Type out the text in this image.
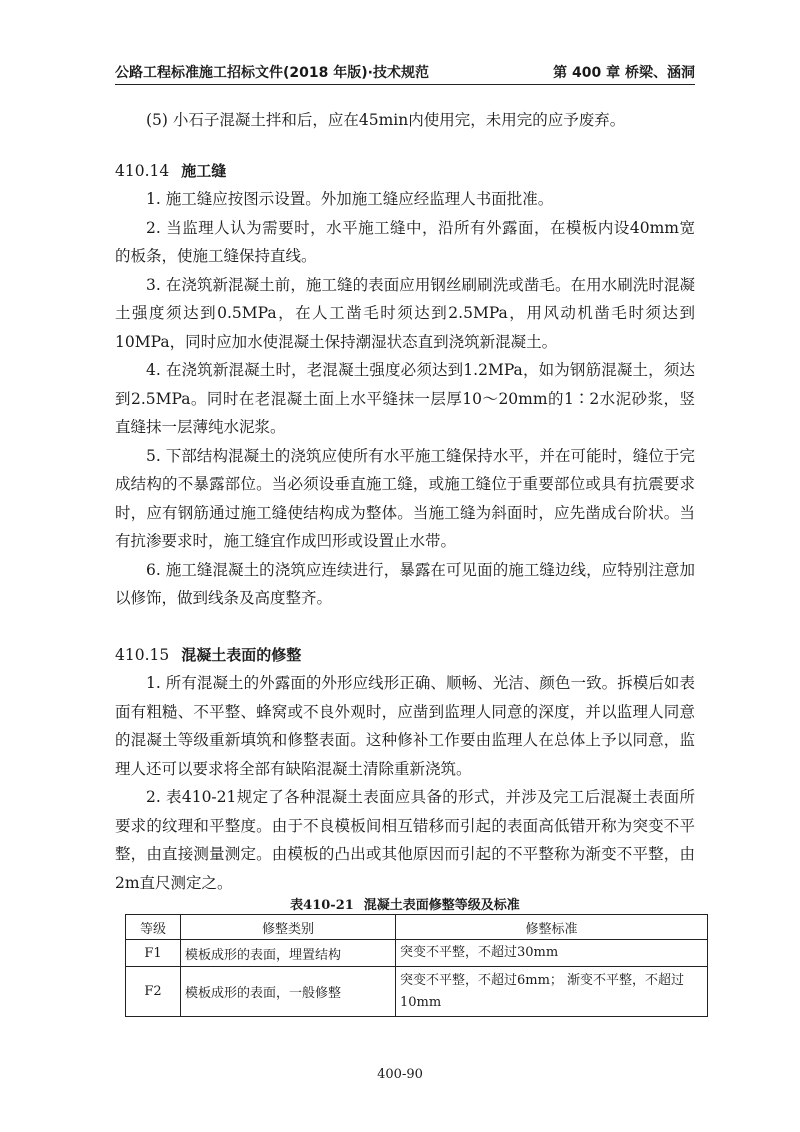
公路工程标准施工招标文件(2018 年版)·技术规范	第 400 章 桥梁、涵洞

(5) 小石子混凝土拌和后，应在45min内使用完，未用完的应予废弃。

410.14 施工缝

1. 施工缝应按图示设置。外加施工缝应经监理人书面批准。

2. 当监理人认为需要时，水平施工缝中，沿所有外露面，在模板内设40mm宽的板条，使施工缝保持直线。

3. 在浇筑新混凝土前，施工缝的表面应用钢丝刷刷洗或凿毛。在用水刷洗时混凝土强度须达到0.5MPa，在人工凿毛时须达到2.5MPa，用风动机凿毛时须达到10MPa，同时应加水使混凝土保持潮湿状态直到浇筑新混凝土。

4. 在浇筑新混凝土时，老混凝土强度必须达到1.2MPa，如为钢筋混凝土，须达到2.5MPa。同时在老混凝土面上水平缝抹一层厚10～20mm的1∶2水泥砂浆，竖直缝抹一层薄纯水泥浆。

5. 下部结构混凝土的浇筑应使所有水平施工缝保持水平，并在可能时，缝位于完成结构的不暴露部位。当必须设垂直施工缝，或施工缝位于重要部位或具有抗震要求时，应有钢筋通过施工缝使结构成为整体。当施工缝为斜面时，应先凿成台阶状。当有抗渗要求时，施工缝宜作成凹形或设置止水带。

6. 施工缝混凝土的浇筑应连续进行，暴露在可见面的施工缝边线，应特别注意加以修饰，做到线条及高度整齐。

410.15 混凝土表面的修整

1. 所有混凝土的外露面的外形应线形正确、顺畅、光洁、颜色一致。拆模后如表面有粗糙、不平整、蜂窝或不良外观时，应凿到监理人同意的深度，并以监理人同意的混凝土等级重新填筑和修整表面。这种修补工作要由监理人在总体上予以同意，监理人还可以要求将全部有缺陷混凝土清除重新浇筑。

2. 表410-21规定了各种混凝土表面应具备的形式，并涉及完工后混凝土表面所要求的纹理和平整度。由于不良模板间相互错移而引起的表面高低错开称为突变不平整，由直接测量测定。由模板的凸出或其他原因而引起的不平整称为渐变不平整，由2m直尺测定之。

表410-21 混凝土表面修整等级及标准
等级	修整类别	修整标准
F1	模板成形的表面，埋置结构	突变不平整，不超过30mm
F2	模板成形的表面，一般修整	突变不平整，不超过6mm； 渐变不平整，不超过10mm
400-90
